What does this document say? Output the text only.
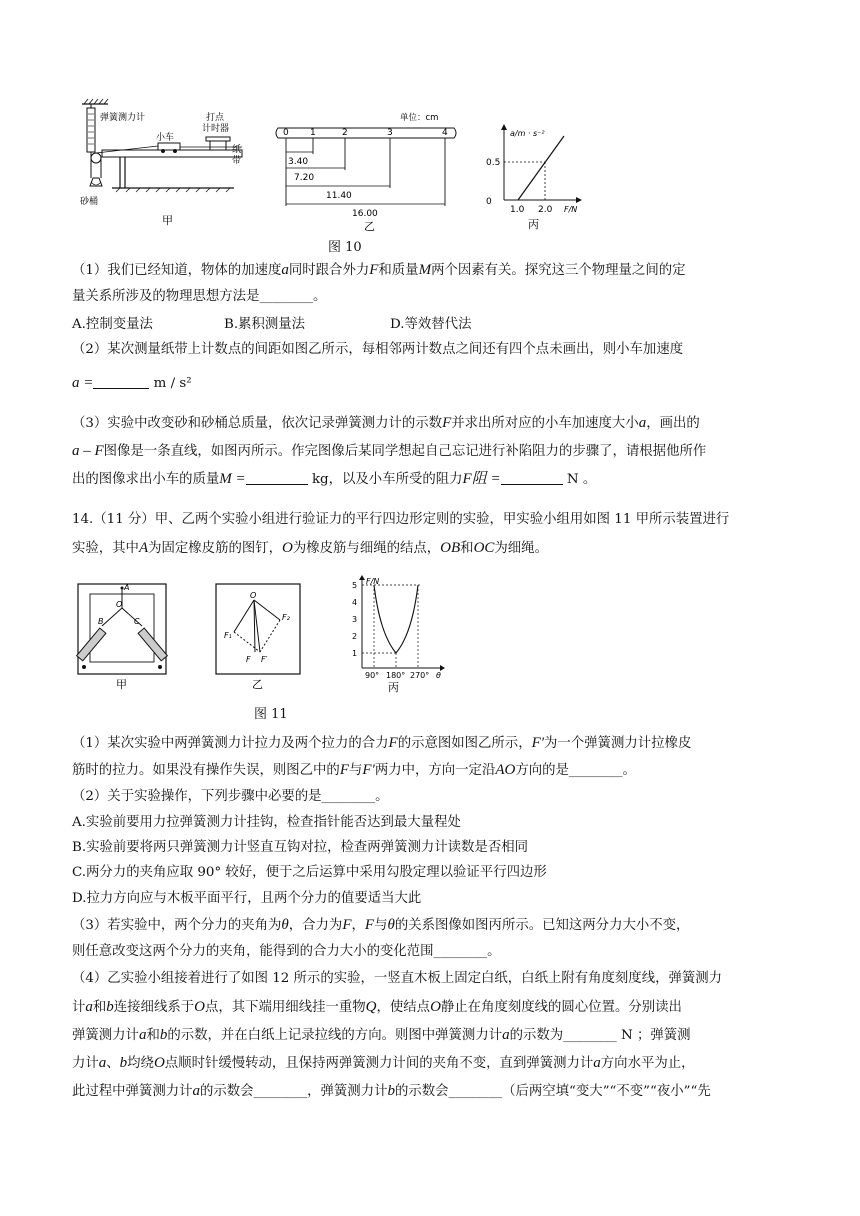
弹簧测力计
小车
打点
计时器
纸
带
砂桶
甲
单位：cm
0 1	2	3	4
3.40
7.20
11.40
16.00
乙
a/m · s⁻²
F/N
0.5
0
1.0 2.0
丙
图 10
（1）我们已经知道，物体的加速度a同时跟合外力F和质量M两个因素有关。探究这三个物理量之间的定
量关系所涉及的物理思想方法是________。
A.控制变量法	B.累积测量法	D.等效替代法
（2）某次测量纸带上计数点的间距如图乙所示，每相邻两计数点之间还有四个点未画出，则小车加速度
a =	m / s²
（3）实验中改变砂和砂桶总质量，依次记录弹簧测力计的示数F并求出所对应的小车加速度大小a，画出的
a – F图像是一条直线，如图丙所示。作完图像后某同学想起自己忘记进行补陷阻力的步骤了，请根据他所作
出的图像求出小车的质量M =	kg，以及小车所受的阻力F阻 =	N 。
14.（11 分）甲、乙两个实验小组进行验证力的平行四边形定则的实验，甲实验小组用如图 11 甲所示装置进行
实验，其中A为固定橡皮筋的图钉，O为橡皮筋与细绳的结点，OB和OC为细绳。
A
O
B	C
甲
O
F₁
F₂
F F′
乙
F/N
5
4
3
2
1
90° 180° 270° θ
丙
图 11
（1）某次实验中两弹簧测力计拉力及两个拉力的合力F的示意图如图乙所示，F′为一个弹簧测力计拉橡皮
筋时的拉力。如果没有操作失误，则图乙中的F与F′两力中，方向一定沿AO方向的是________。
（2）关于实验操作，下列步骤中必要的是________。
A.实验前要用力拉弹簧测力计挂钩，检查指针能否达到最大量程处
B.实验前要将两只弹簧测力计竖直互钩对拉，检查两弹簧测力计读数是否相同
C.两分力的夹角应取 90° 较好，便于之后运算中采用勾股定理以验证平行四边形
D.拉力方向应与木板平面平行，且两个分力的值要适当大此
（3）若实验中，两个分力的夹角为θ，合力为F，F与θ的关系图像如图丙所示。已知这两分力大小不变，
则任意改变这两个分力的夹角，能得到的合力大小的变化范围________。
（4）乙实验小组接着进行了如图 12 所示的实验，一竖直木板上固定白纸，白纸上附有角度刻度线，弹簧测力
计a和b连接细线系于O点，其下端用细线挂一重物Q，使结点O静止在角度刻度线的圆心位置。分别读出
弹簧测力计a和b的示数，并在白纸上记录拉线的方向。则图中弹簧测力计a的示数为________ N ；弹簧测
力计a、b均绕O点顺时针缓慢转动，且保持两弹簧测力计间的夹角不变，直到弹簧测力计a方向水平为止，
此过程中弹簧测力计a的示数会________，弹簧测力计b的示数会________（后两空填“变大”“不变”“夜小”“先
